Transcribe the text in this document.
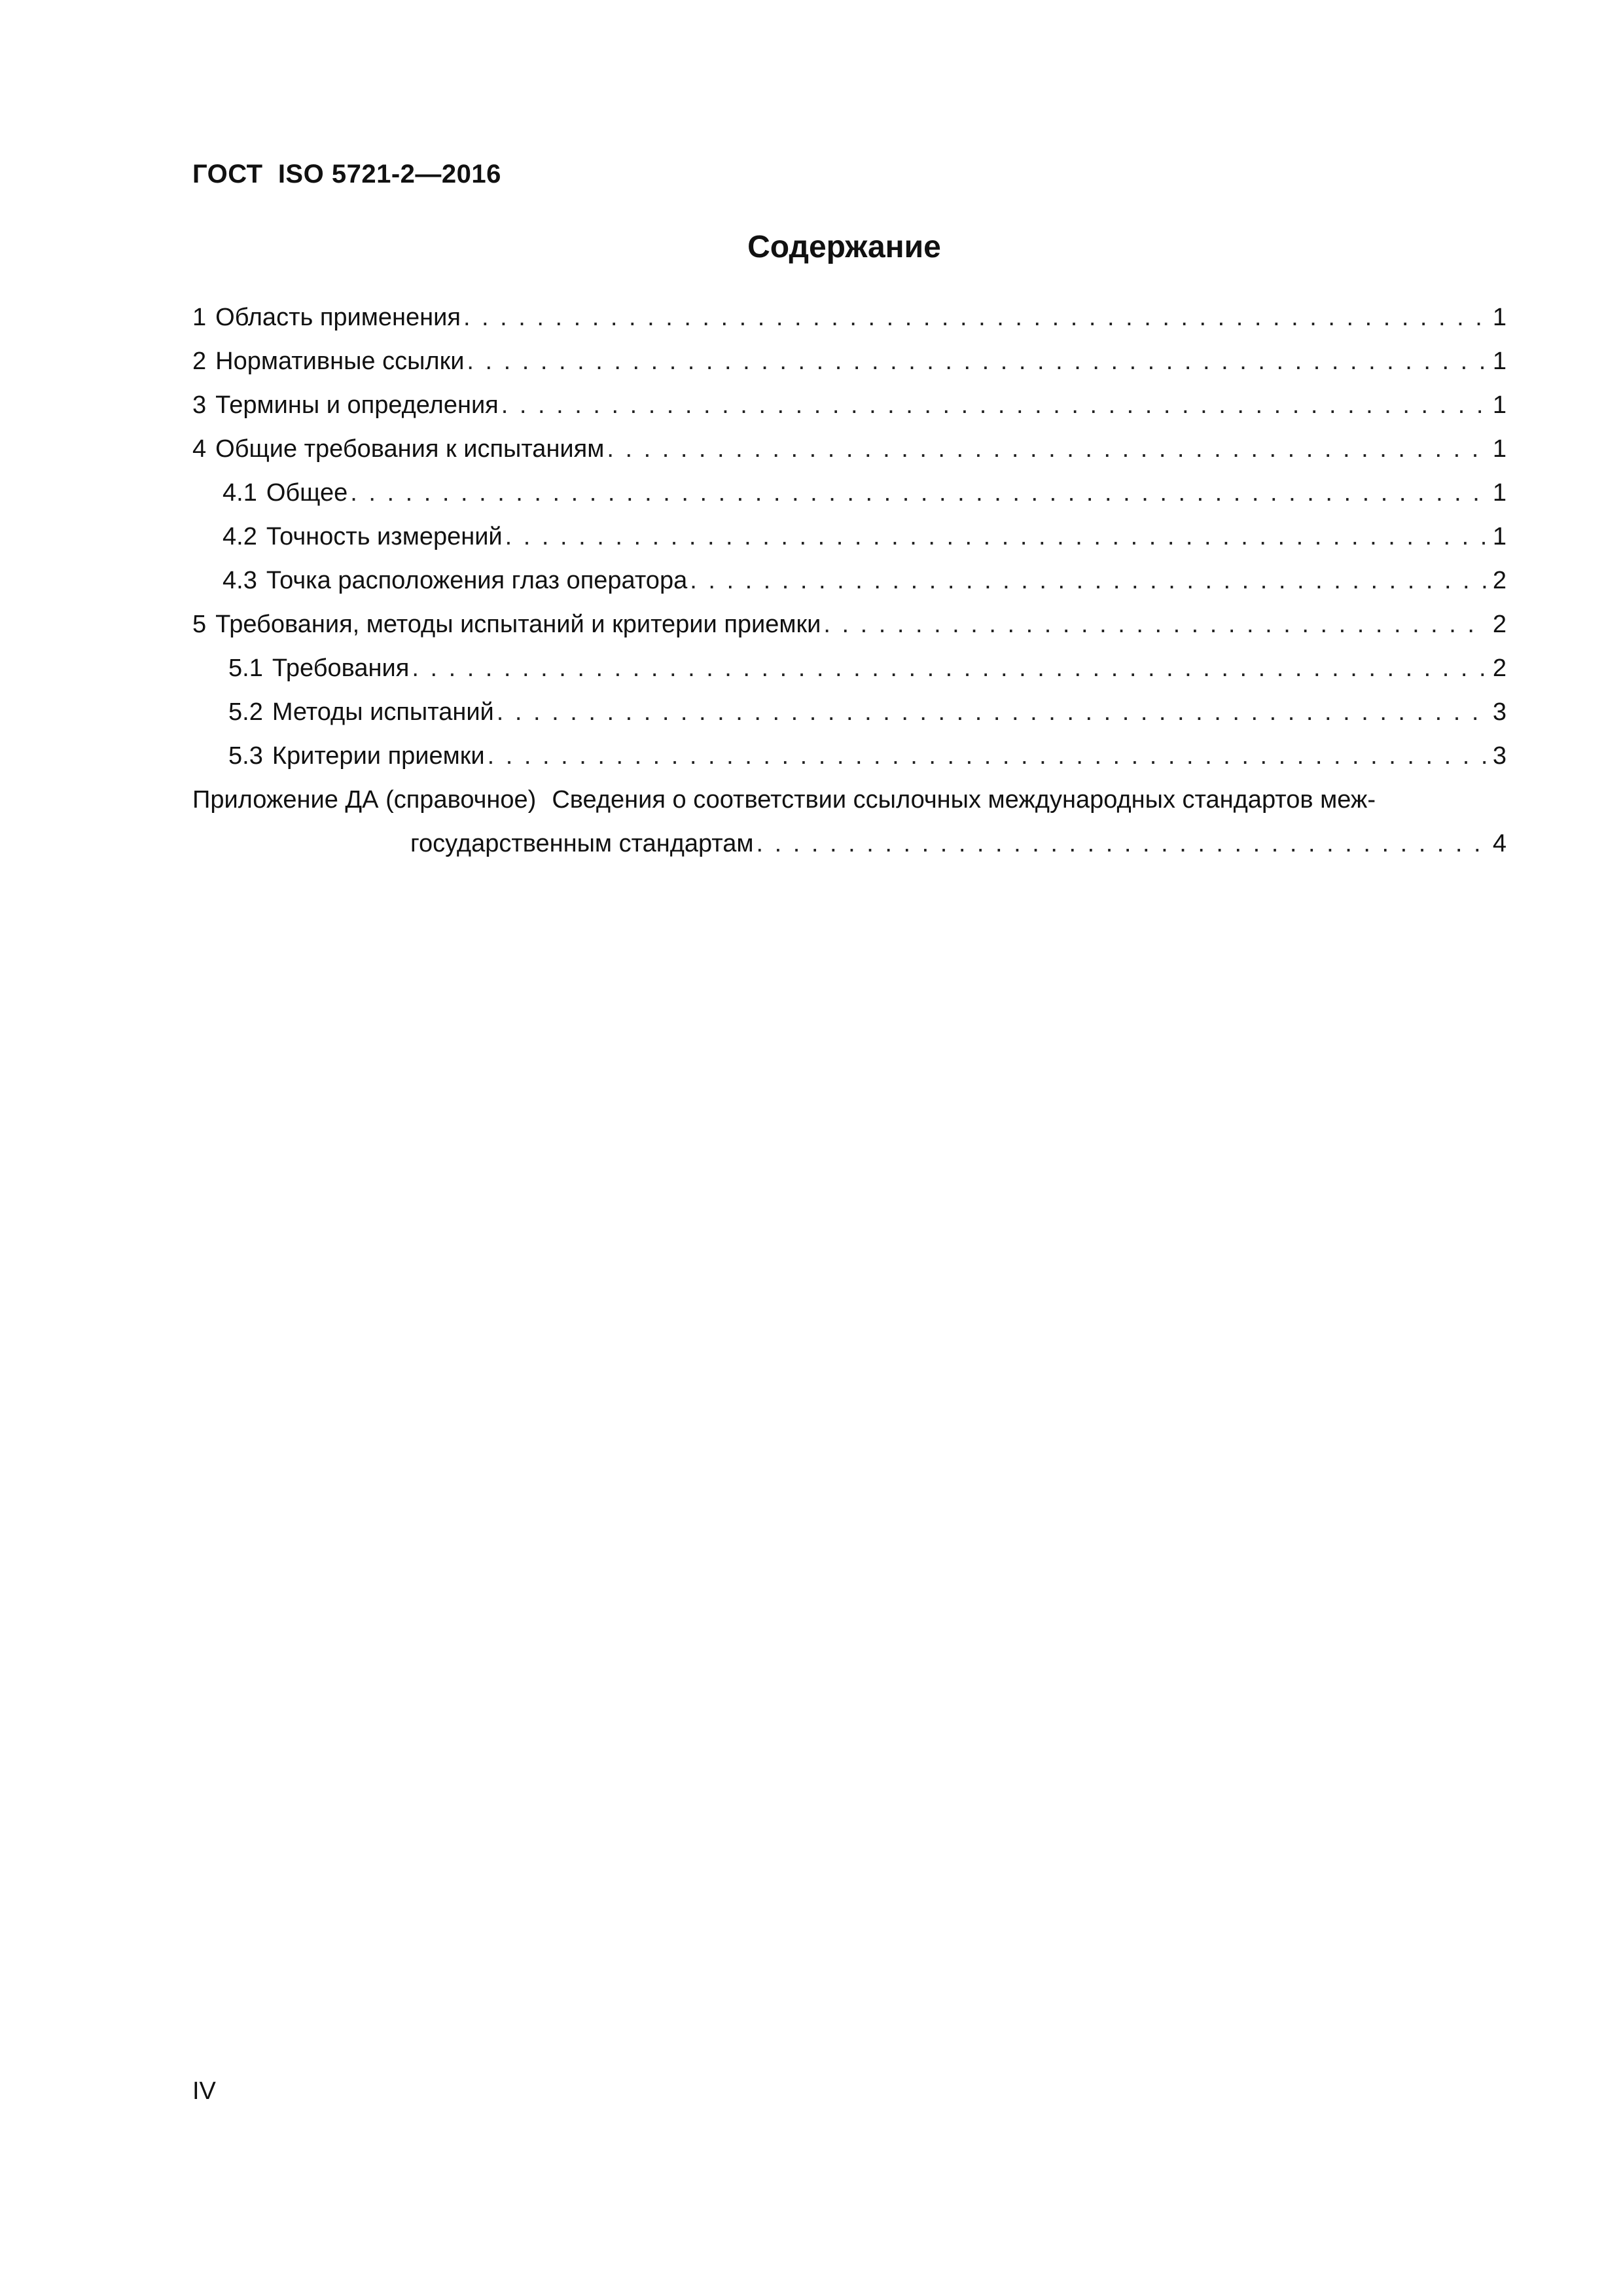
ГОСТ  ISO 5721-2—2016
Содержание
1 Область применения . . .	1
2 Нормативные ссылки . . .	1
3 Термины и определения . . .	1
4 Общие требования к испытаниям . . .	1
4.1 Общее . . .	1
4.2 Точность измерений . . .	1
4.3 Точка расположения глаз оператора . . .	2
5 Требования, методы испытаний и критерии приемки . . .	2
5.1 Требования . . .	2
5.2 Методы испытаний . . .	3
5.3 Критерии приемки . . .	3
Приложение ДА (справочное) Сведения о соответствии ссылочных международных стандартов меж-
государственным стандартам . . .	4
IV
